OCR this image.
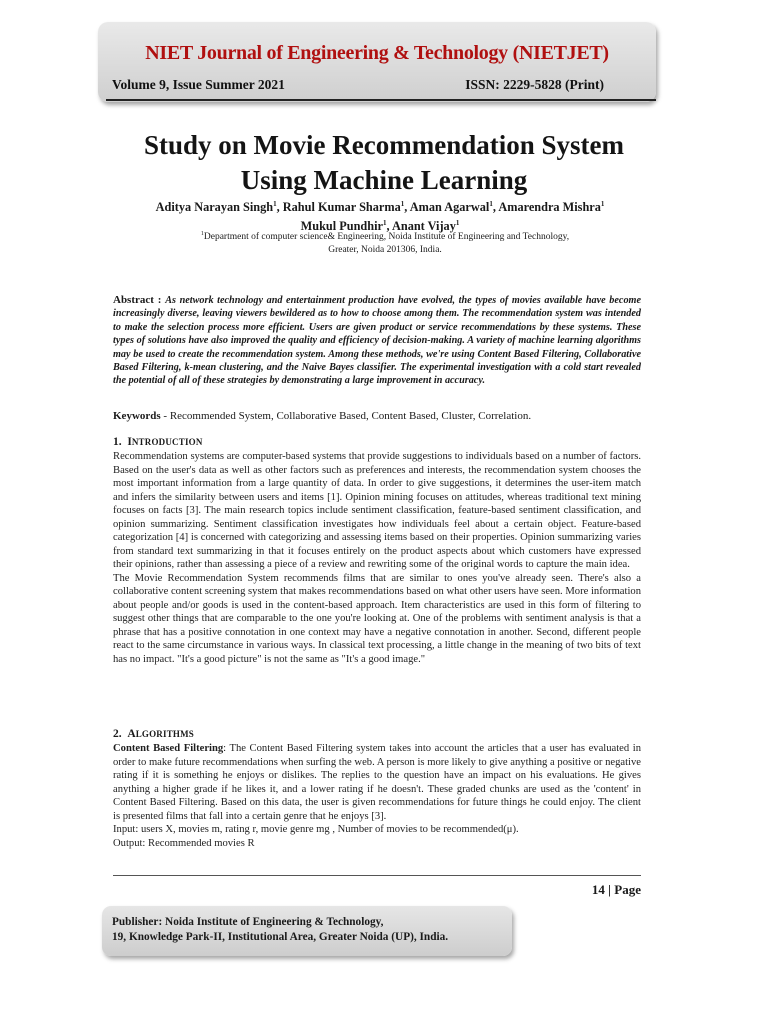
NIET Journal of Engineering & Technology (NIETJET)
Volume 9, Issue Summer 2021	ISSN: 2229-5828 (Print)
Study on Movie Recommendation System
Using Machine Learning
Aditya Narayan Singh$^1$, Rahul Kumar Sharma$^1$, Aman Agarwal$^1$, Amarendra Mishra$^1$
Mukul Pundhir$^1$, Anant Vijay$^1$
$^1$Department of computer science& Engineering, Noida Institute of Engineering and Technology,
Greater, Noida 201306, India.
Abstract : As network technology and entertainment production have evolved, the types of movies available have become increasingly diverse, leaving viewers bewildered as to how to choose among them. The recommendation system was intended to make the selection process more efficient. Users are given product or service recommendations by these systems. These types of solutions have also improved the quality and efficiency of decision-making. A variety of machine learning algorithms may be used to create the recommendation system. Among these methods, we're using Content Based Filtering, Collaborative Based Filtering, k-mean clustering, and the Naive Bayes classifier. The experimental investigation with a cold start revealed the potential of all of these strategies by demonstrating a large improvement in accuracy.
Keywords - Recommended System, Collaborative Based, Content Based, Cluster, Correlation.
1. INTRODUCTION

Recommendation systems are computer-based systems that provide suggestions to individuals based on a number of factors. Based on the user's data as well as other factors such as preferences and interests, the recommendation system chooses the most important information from a large quantity of data. In order to give suggestions, it determines the user-item match and infers the similarity between users and items [1]. Opinion mining focuses on attitudes, whereas traditional text mining focuses on facts [3]. The main research topics include sentiment classification, feature-based sentiment classification, and opinion summarizing. Sentiment classification investigates how individuals feel about a certain object. Feature-based categorization [4] is concerned with categorizing and assessing items based on their properties. Opinion summarizing varies from standard text summarizing in that it focuses entirely on the product aspects about which customers have expressed their opinions, rather than assessing a piece of a review and rewriting some of the original words to capture the main idea.

The Movie Recommendation System recommends films that are similar to ones you've already seen. There's also a collaborative content screening system that makes recommendations based on what other users have seen. More information about people and/or goods is used in the content-based approach. Item characteristics are used in this form of filtering to suggest other things that are comparable to the one you're looking at. One of the problems with sentiment analysis is that a phrase that has a positive connotation in one context may have a negative connotation in another. Second, different people react to the same circumstance in various ways. In classical text processing, a little change in the meaning of two bits of text has no impact. "It's a good picture" is not the same as "It's a good image."

2. ALGORITHMS

Content Based Filtering: The Content Based Filtering system takes into account the articles that a user has evaluated in order to make future recommendations when surfing the web. A person is more likely to give anything a positive or negative rating if it is something he enjoys or dislikes. The replies to the question have an impact on his evaluations. He gives anything a higher grade if he likes it, and a lower rating if he doesn't. These graded chunks are used as the 'content' in Content Based Filtering. Based on this data, the user is given recommendations for future things he could enjoy. The client is presented films that fall into a certain genre that he enjoys [3].

Input: users X, movies m, rating r, movie genre mg , Number of movies to be recommended(μ).

Output: Recommended movies R

14 | Page
Publisher: Noida Institute of Engineering & Technology,
19, Knowledge Park-II, Institutional Area, Greater Noida (UP), India.
